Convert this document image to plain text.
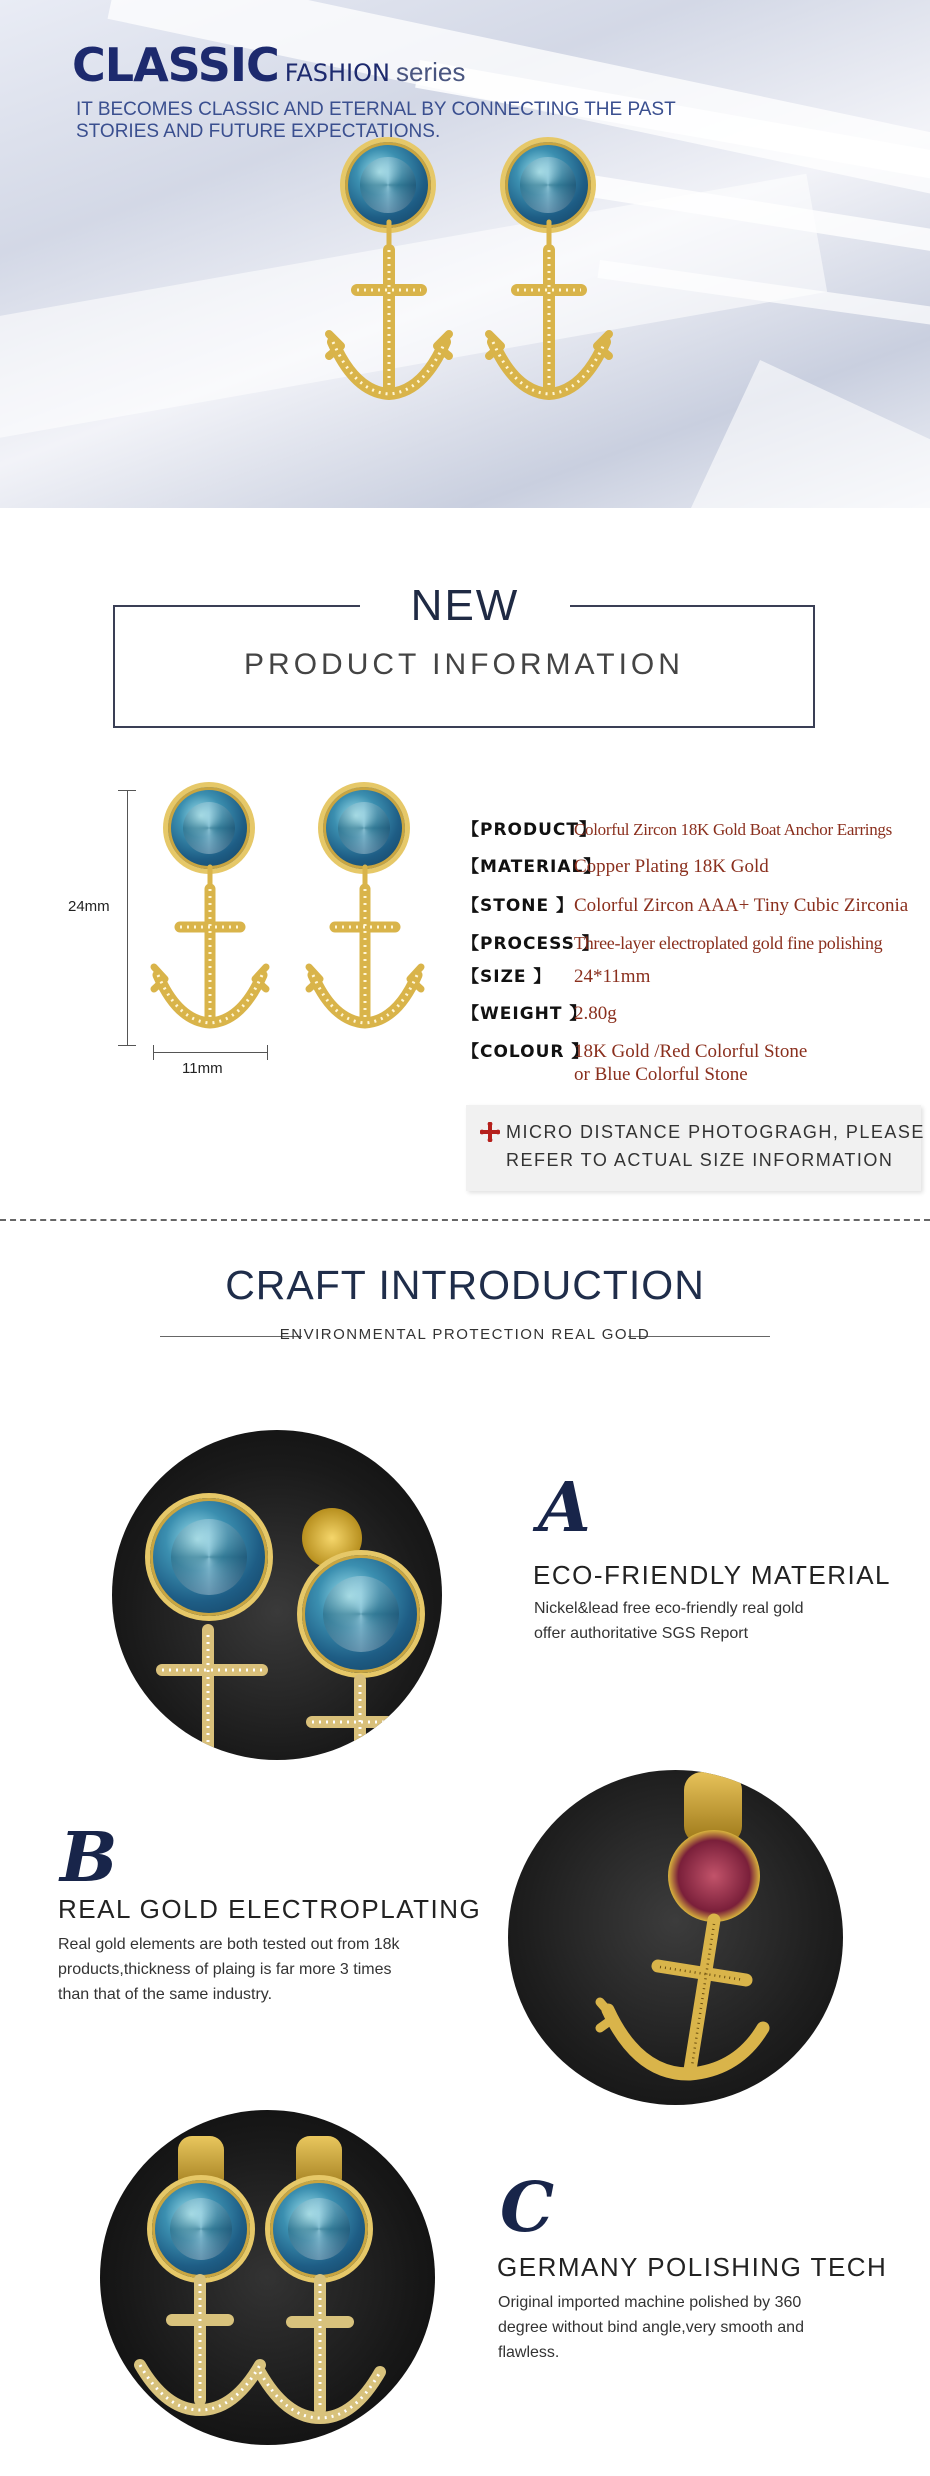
CLASSIC FASHION series
IT BECOMES CLASSIC AND ETERNAL BY CONNECTING THE PAST STORIES AND FUTURE EXPECTATIONS.
NEW
PRODUCT INFORMATION
24mm
11mm
【PRODUCT】Colorful Zircon 18K Gold Boat Anchor Earrings
【MATERIAL】Copper Plating 18K Gold
【STONE 】Colorful Zircon AAA+ Tiny Cubic Zirconia
【PROCESS 】Three-layer electroplated gold fine polishing
【SIZE 】 24*11mm
【WEIGHT 】2.80g
【COLOUR 】18K Gold /Red Colorful Stone
or Blue Colorful Stone
MICRO DISTANCE PHOTOGRAGH, PLEASE
REFER TO ACTUAL SIZE INFORMATION
CRAFT INTRODUCTION
ENVIRONMENTAL PROTECTION REAL GOLD
A
ECO-FRIENDLY MATERIAL
Nickel&lead free eco-friendly real gold
offer authoritative SGS Report
B
REAL GOLD ELECTROPLATING
Real gold elements are both tested out from 18k
products,thickness of plaing is far more 3 times
than that of the same industry.
C
GERMANY POLISHING TECH
Original imported machine polished by 360
degree without bind angle,very smooth and
flawless.
